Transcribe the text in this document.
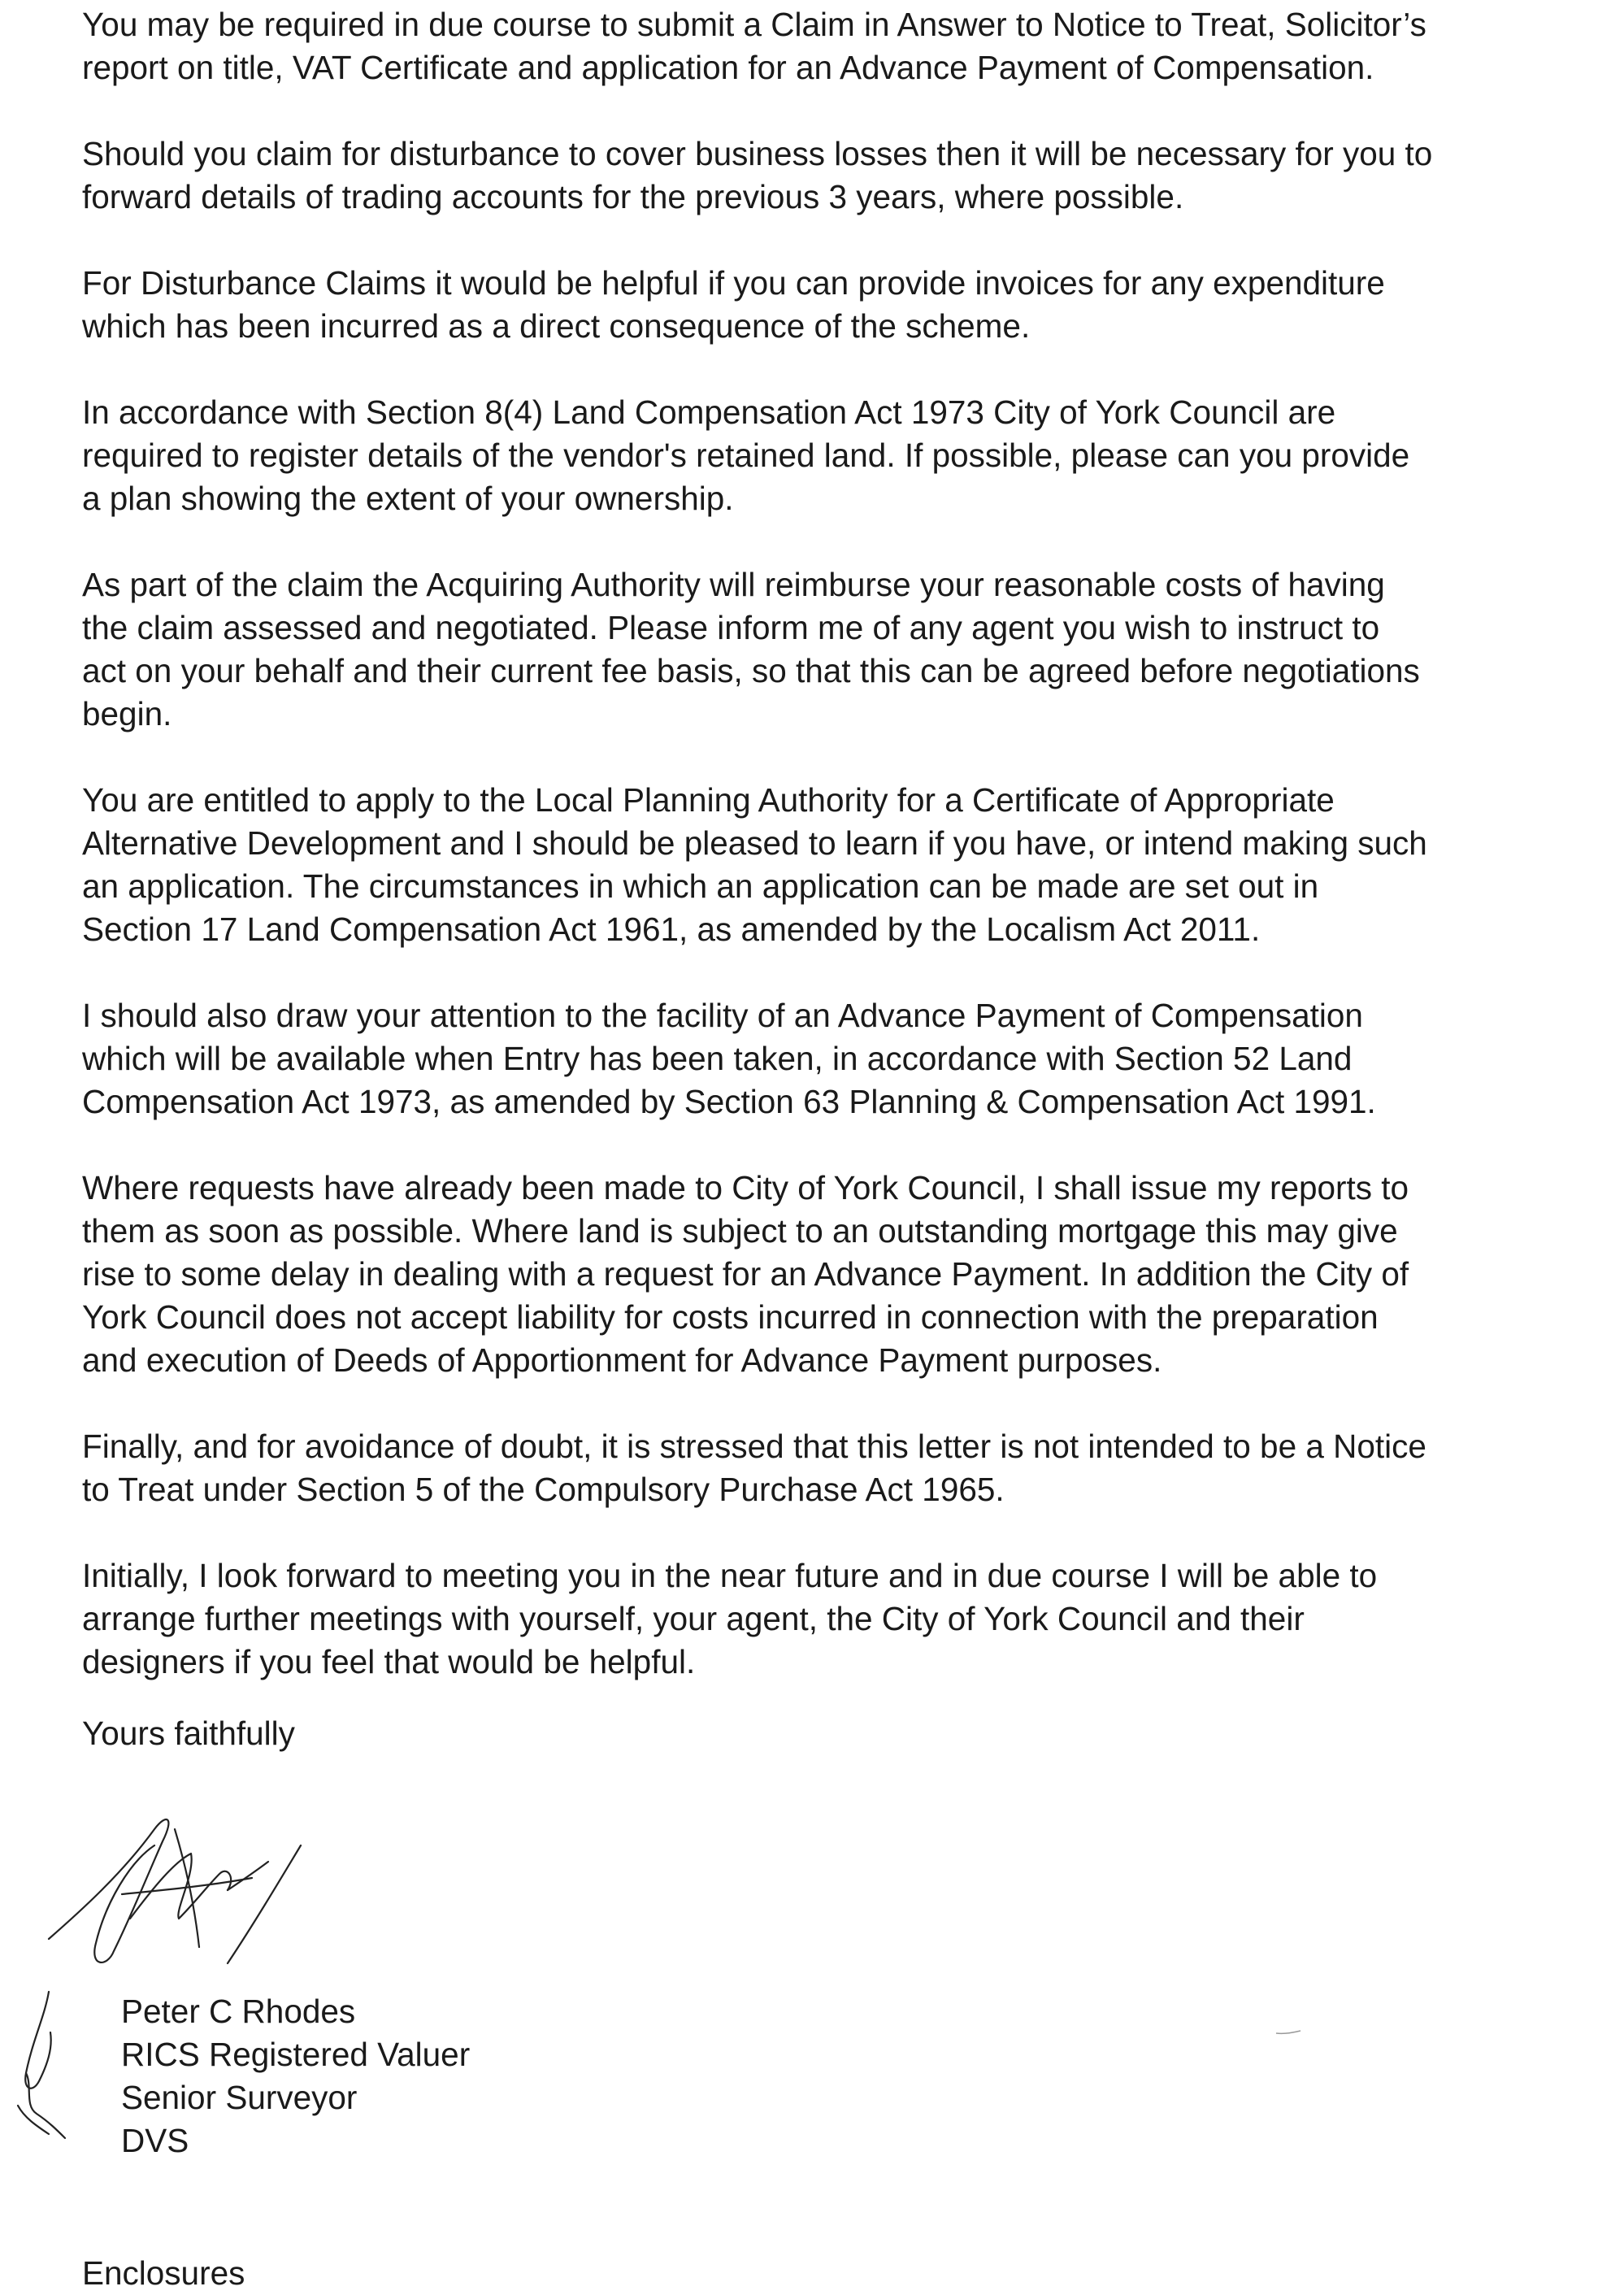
You may be required in due course to submit a Claim in Answer to Notice to Treat, Solicitor’s
report on title, VAT Certificate and application for an Advance Payment of Compensation.

Should you claim for disturbance to cover business losses then it will be necessary for you to
forward details of trading accounts for the previous 3 years, where possible.

For Disturbance Claims it would be helpful if you can provide invoices for any expenditure
which has been incurred as a direct consequence of the scheme.

In accordance with Section 8(4) Land Compensation Act 1973 City of York Council are
required to register details of the vendor's retained land. If possible, please can you provide
a plan showing the extent of your ownership.

As part of the claim the Acquiring Authority will reimburse your reasonable costs of having
the claim assessed and negotiated. Please inform me of any agent you wish to instruct to
act on your behalf and their current fee basis, so that this can be agreed before negotiations
begin.

You are entitled to apply to the Local Planning Authority for a Certificate of Appropriate
Alternative Development and I should be pleased to learn if you have, or intend making such
an application. The circumstances in which an application can be made are set out in
Section 17 Land Compensation Act 1961, as amended by the Localism Act 2011.

I should also draw your attention to the facility of an Advance Payment of Compensation
which will be available when Entry has been taken, in accordance with Section 52 Land
Compensation Act 1973, as amended by Section 63 Planning & Compensation Act 1991.

Where requests have already been made to City of York Council, I shall issue my reports to
them as soon as possible. Where land is subject to an outstanding mortgage this may give
rise to some delay in dealing with a request for an Advance Payment. In addition the City of
York Council does not accept liability for costs incurred in connection with the preparation
and execution of Deeds of Apportionment for Advance Payment purposes.

Finally, and for avoidance of doubt, it is stressed that this letter is not intended to be a Notice
to Treat under Section 5 of the Compulsory Purchase Act 1965.

Initially, I look forward to meeting you in the near future and in due course I will be able to
arrange further meetings with yourself, your agent, the City of York Council and their
designers if you feel that would be helpful.

Yours faithfully

Peter C Rhodes
RICS Registered Valuer
Senior Surveyor
DVS

Enclosures
